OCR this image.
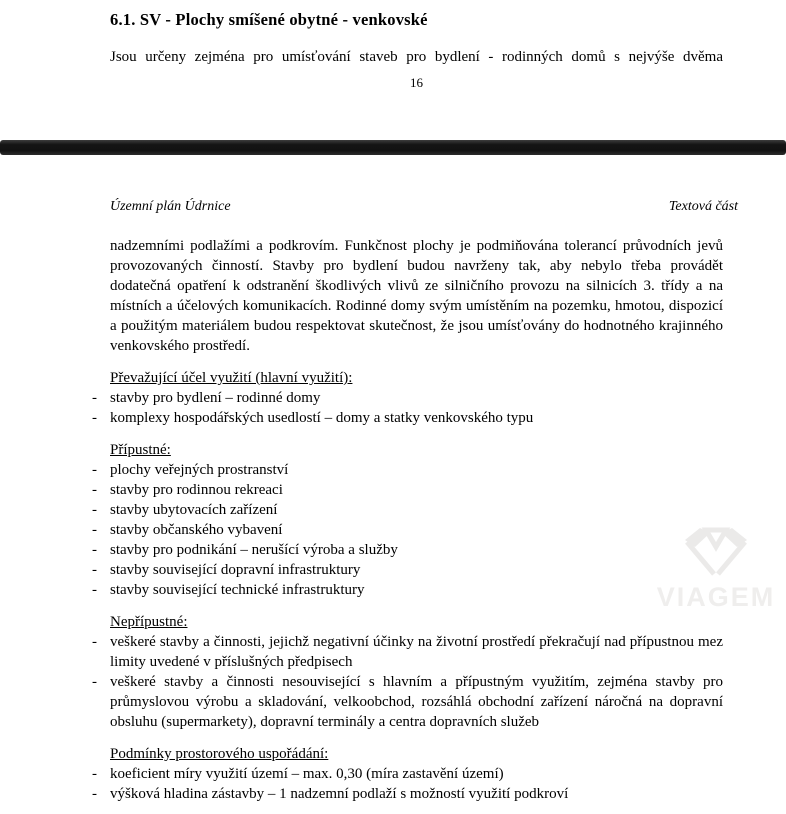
6.1. SV - Plochy smíšené obytné - venkovské
Jsou určeny zejména pro umísťování staveb pro bydlení - rodinných domů s nejvýše dvěma
16
Územní plán Údrnice	Textová část
VIAGEM
nadzemními podlažími a podkrovím. Funkčnost plochy je podmiňována tolerancí průvodních jevů provozovaných činností. Stavby pro bydlení budou navrženy tak, aby nebylo třeba provádět dodatečná opatření k odstranění škodlivých vlivů ze silničního provozu na silnicích 3. třídy a na místních a účelových komunikacích. Rodinné domy svým umístěním na pozemku, hmotou, dispozicí a použitým materiálem budou respektovat skutečnost, že jsou umísťovány do hodnotného krajinného venkovského prostředí.
Převažující účel využití (hlavní využití):
- stavby pro bydlení – rodinné domy
- komplexy hospodářských usedlostí – domy a statky venkovského typu
Přípustné:
- plochy veřejných prostranství
- stavby pro rodinnou rekreaci
- stavby ubytovacích zařízení
- stavby občanského vybavení
- stavby pro podnikání – nerušící výroba a služby
- stavby související dopravní infrastruktury
- stavby související technické infrastruktury
Nepřípustné:
- veškeré stavby a činnosti, jejichž negativní účinky na životní prostředí překračují nad přípustnou mez limity uvedené v příslušných předpisech
- veškeré stavby a činnosti nesouvisející s hlavním a přípustným využitím, zejména stavby pro průmyslovou výrobu a skladování, velkoobchod, rozsáhlá obchodní zařízení náročná na dopravní obsluhu (supermarkety), dopravní terminály a centra dopravních služeb
Podmínky prostorového uspořádání:
- koeficient míry využití území – max. 0,30 (míra zastavění území)
- výšková hladina zástavby – 1 nadzemní podlaží s možností využití podkroví
